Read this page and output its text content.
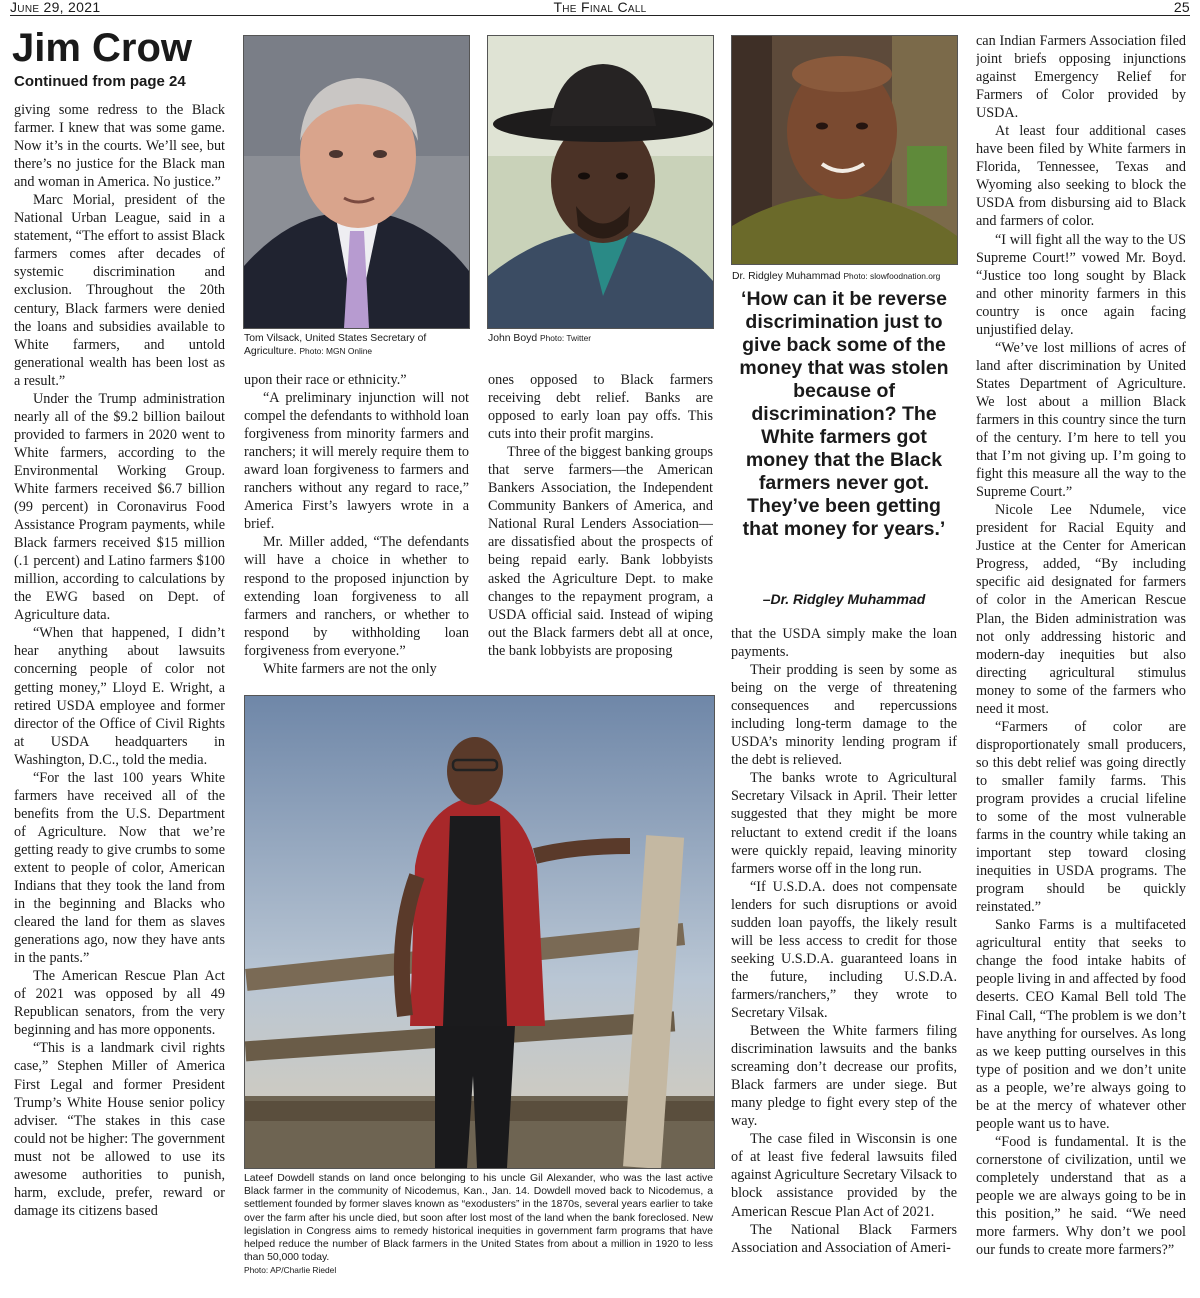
June 29, 2021	The Final Call	25
Jim Crow
Continued from page 24

giving some redress to the Black farmer. I knew that was some game. Now it’s in the courts. We’ll see, but there’s no justice for the Black man and woman in America. No justice.”

Marc Morial, president of the National Urban League, said in a statement, “The effort to assist Black farmers comes after decades of systemic discrimination and exclusion. Throughout the 20th century, Black farmers were denied the loans and subsidies available to White farmers, and untold generational wealth has been lost as a result.”

Under the Trump administration nearly all of the $9.2 billion bailout provided to farmers in 2020 went to White farmers, according to the Environmental Working Group. White farmers received $6.7 billion (99 percent) in Coronavirus Food Assistance Program payments, while Black farmers received $15 million (.1 percent) and Latino farmers $100 million, according to calculations by the EWG based on Dept. of Agriculture data.

“When that happened, I didn’t hear anything about lawsuits concerning people of color not getting money,” Lloyd E. Wright, a retired USDA employee and former director of the Office of Civil Rights at USDA headquarters in Washington, D.C., told the media.

“For the last 100 years White farmers have received all of the benefits from the U.S. Department of Agriculture. Now that we’re getting ready to give crumbs to some extent to people of color, American Indians that they took the land from in the beginning and Blacks who cleared the land for them as slaves generations ago, now they have ants in the pants.”

The American Rescue Plan Act of 2021 was opposed by all 49 Republican senators, from the very beginning and has more opponents.

“This is a landmark civil rights case,” Stephen Miller of America First Legal and former President Trump’s White House senior policy adviser. “The stakes in this case could not be higher: The government must not be allowed to use its awesome authorities to punish, harm, exclude, prefer, reward or damage its citizens based

Tom Vilsack, United States Secretary of Agriculture. Photo: MGN Online
John Boyd Photo: Twitter
Dr. Ridgley Muhammad Photo: slowfoodnation.org
‘How can it be reverse discrimination just to give back some of the money that was stolen because of discrimination? The White farmers got money that the Black farmers never got. They’ve been getting that money for years.’
–Dr. Ridgley Muhammad

upon their race or ethnicity.”

“A preliminary injunction will not compel the defendants to withhold loan forgiveness from minority farmers and ranchers; it will merely require them to award loan forgiveness to farmers and ranchers without any regard to race,” America First’s lawyers wrote in a brief.

Mr. Miller added, “The defendants will have a choice in whether to respond to the proposed injunction by extending loan forgiveness to all farmers and ranchers, or whether to respond by withholding loan forgiveness from everyone.”

White farmers are not the only

ones opposed to Black farmers receiving debt relief. Banks are opposed to early loan pay offs. This cuts into their profit margins.

Three of the biggest banking groups that serve farmers—the American Bankers Association, the Independent Community Bankers of America, and National Rural Lenders Association—are dissatisfied about the prospects of being repaid early. Bank lobbyists asked the Agriculture Dept. to make changes to the repayment program, a USDA official said. Instead of wiping out the Black farmers debt all at once, the bank lobbyists are proposing

that the USDA simply make the loan payments.

Their prodding is seen by some as being on the verge of threatening consequences and repercussions including long-term damage to the USDA’s minority lending program if the debt is relieved.

The banks wrote to Agricultural Secretary Vilsack in April. Their letter suggested that they might be more reluctant to extend credit if the loans were quickly repaid, leaving minority farmers worse off in the long run.

“If U.S.D.A. does not compensate lenders for such disruptions or avoid sudden loan payoffs, the likely result will be less access to credit for those seeking U.S.D.A. guaranteed loans in the future, including U.S.D.A. farmers/ranchers,” they wrote to Secretary Vilsak.

Between the White farmers filing discrimination lawsuits and the banks screaming don’t decrease our profits, Black farmers are under siege. But many pledge to fight every step of the way.

The case filed in Wisconsin is one of at least five federal lawsuits filed against Agriculture Secretary Vilsack to block assistance provided by the American Rescue Plan Act of 2021.

The National Black Farmers Association and Association of Ameri-

can Indian Farmers Association filed joint briefs opposing injunctions against Emergency Relief for Farmers of Color provided by USDA.

At least four additional cases have been filed by White farmers in Florida, Tennessee, Texas and Wyoming also seeking to block the USDA from disbursing aid to Black and farmers of color.

“I will fight all the way to the US Supreme Court!” vowed Mr. Boyd. “Justice too long sought by Black and other minority farmers in this country is once again facing unjustified delay.

“We’ve lost millions of acres of land after discrimination by United States Department of Agriculture. We lost about a million Black farmers in this country since the turn of the century. I’m here to tell you that I’m not giving up. I’m going to fight this measure all the way to the Supreme Court.”

Nicole Lee Ndumele, vice president for Racial Equity and Justice at the Center for American Progress, added, “By including specific aid designated for farmers of color in the American Rescue Plan, the Biden administration was not only addressing historic and modern-day inequities but also directing agricultural stimulus money to some of the farmers who need it most.

“Farmers of color are disproportionately small producers, so this debt relief was going directly to smaller family farms. This program provides a crucial lifeline to some of the most vulnerable farms in the country while taking an important step toward closing inequities in USDA programs. The program should be quickly reinstated.”

Sanko Farms is a multifaceted agricultural entity that seeks to change the food intake habits of people living in and affected by food deserts. CEO Kamal Bell told The Final Call, “The problem is we don’t have anything for ourselves. As long as we keep putting ourselves in this type of position and we don’t unite as a people, we’re always going to be at the mercy of whatever other people want us to have.

“Food is fundamental. It is the cornerstone of civilization, until we completely understand that as a people we are always going to be in this position,” he said. “We need more farmers. Why don’t we pool our funds to create more farmers?”

Lateef Dowdell stands on land once belonging to his uncle Gil Alexander, who was the last active Black farmer in the community of Nicodemus, Kan., Jan. 14. Dowdell moved back to Nicodemus, a settlement founded by former slaves known as “exodusters” in the 1870s, several years earlier to take over the farm after his uncle died, but soon after lost most of the land when the bank foreclosed. New legislation in Congress aims to remedy historical inequities in government farm programs that have helped reduce the number of Black farmers in the United States from about a million in 1920 to less than 50,000 today.
Photo: AP/Charlie Riedel
